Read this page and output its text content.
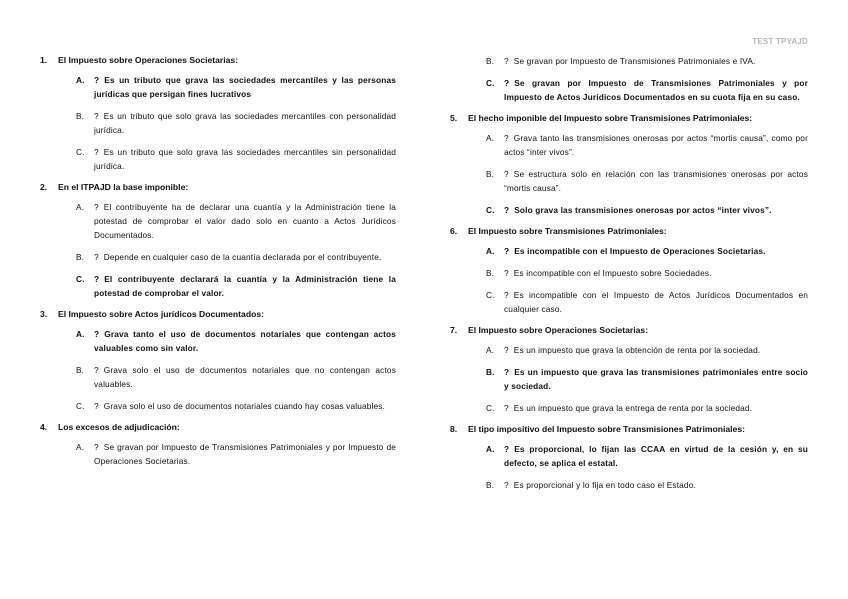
TEST TPYAJD
1.	El Impuesto sobre Operaciones Societarias:
A. ? Es un tributo que grava las sociedades mercantiles y las personas jurídicas que persigan fines lucrativos
B. ? Es un tributo que solo grava las sociedades mercantiles con personalidad jurídica.
C. ? Es un tributo que solo grava las sociedades mercantiles sin personalidad jurídica.
2.	En el ITPAJD la base imponible:
A. ? El contribuyente ha de declarar una cuantía y la Administración tiene la potestad de comprobar el valor dado solo en cuanto a Actos Jurídicos Documentados.
B. ? Depende en cualquier caso de la cuantía declarada por el contribuyente.
C. ? El contribuyente declarará la cuantía y la Administración tiene la potestad de comprobar el valor.
3.	El Impuesto sobre Actos jurídicos Documentados:
A. ? Grava tanto el uso de documentos notariales que contengan actos valuables como sin valor.
B. ? Grava solo el uso de documentos notariales que no contengan actos valuables.
C. ? Grava solo el uso de documentos notariales cuando hay cosas valuables.
4.	Los excesos de adjudicación:
A. ? Se gravan por Impuesto de Transmisiones Patrimoniales y por Impuesto de Operaciones Societarias.
B. ? Se gravan por Impuesto de Transmisiones Patrimoniales e IVA.
C. ? Se gravan por Impuesto de Transmisiones Patrimoniales y por Impuesto de Actos Jurídicos Documentados en su cuota fija en su caso.
5.	El hecho imponible del Impuesto sobre Transmisiones Patrimoniales:
A. ? Grava tanto las transmisiones onerosas por actos “mortis causa”, como por actos “inter vivos”.
B. ? Se estructura solo en relación con las transmisiones onerosas por actos “mortis causa”.
C. ? Solo grava las transmisiones onerosas por actos “inter vivos”.
6.	El Impuesto sobre Transmisiones Patrimoniales:
A. ? Es incompatible con el Impuesto de Operaciones Societarias.
B. ? Es incompatible con el Impuesto sobre Sociedades.
C. ? Es incompatible con el Impuesto de Actos Jurídicos Documentados en cualquier caso.
7.	El Impuesto sobre Operaciones Societarias:
A. ? Es un impuesto que grava la obtención de renta por la sociedad.
B. ? Es un impuesto que grava las transmisiones patrimoniales entre socio y sociedad.
C. ? Es un impuesto que grava la entrega de renta por la sociedad.
8.	El tipo impositivo del Impuesto sobre Transmisiones Patrimoniales:
A. ? Es proporcional, lo fijan las CCAA en virtud de la cesión y, en su defecto, se aplica el estatal.
B. ? Es proporcional y lo fija en todo caso el Estado.
